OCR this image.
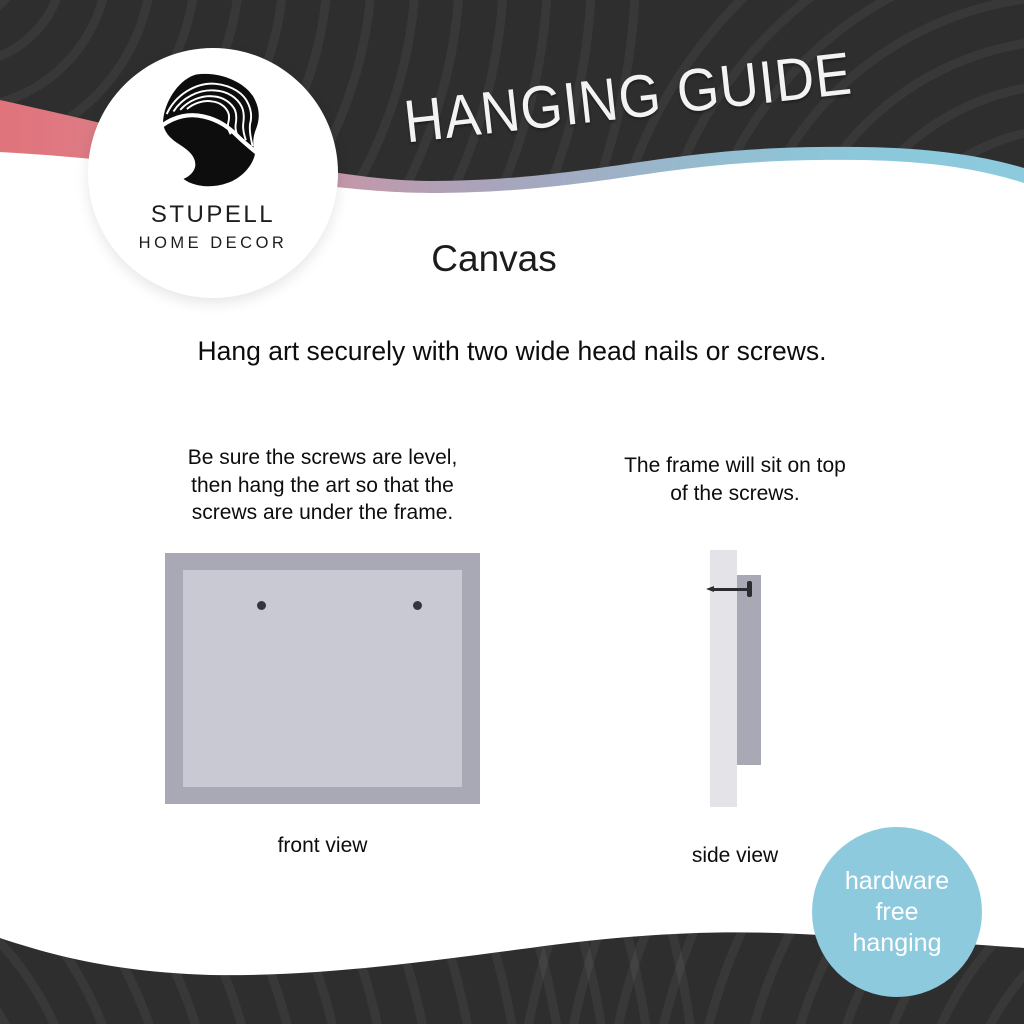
HANGING GUIDE
STUPELL
HOME DECOR	Canvas
Hang art securely with two wide head nails or screws.
Be sure the screws are level,
then hang the art so that the
screws are under the frame.
The frame will sit on top
of the screws.
front view	side view
hardware
free
hanging
